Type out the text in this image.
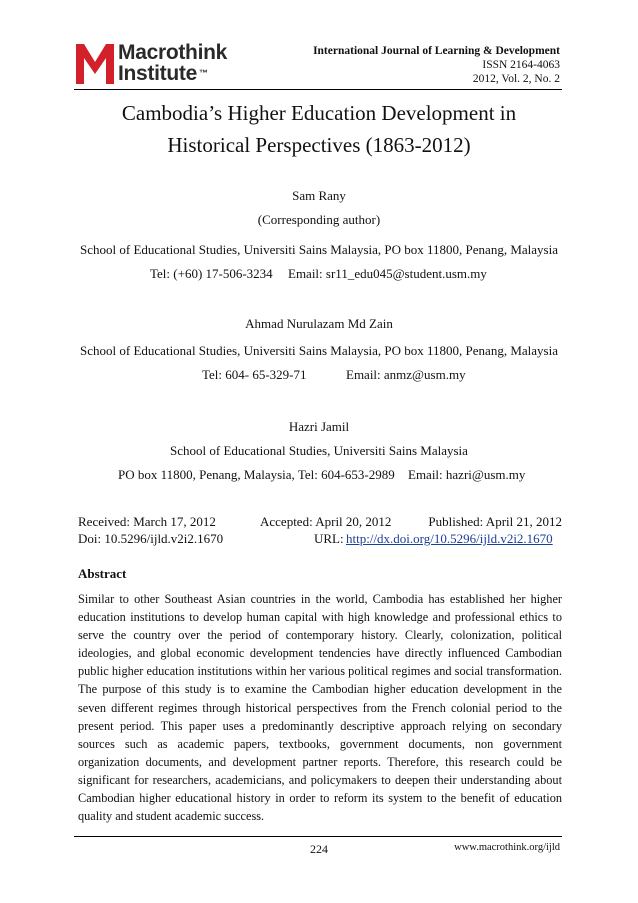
Macrothink
Institute ™
International Journal of Learning & Development
ISSN 2164-4063
2012, Vol. 2, No. 2
Cambodia’s Higher Education Development in
Historical Perspectives (1863-2012)
Sam Rany
(Corresponding author)
School of Educational Studies, Universiti Sains Malaysia, PO box 11800, Penang, Malaysia
Tel: (+60) 17-506-3234 Email: sr11_edu045@student.usm.my
Ahmad Nurulazam Md Zain
School of Educational Studies, Universiti Sains Malaysia, PO box 11800, Penang, Malaysia
Tel: 604- 65-329-71	Email: anmz@usm.my
Hazri Jamil
School of Educational Studies, Universiti Sains Malaysia
PO box 11800, Penang, Malaysia, Tel: 604-653-2989 Email: hazri@usm.my
Received: March 17, 2012	Accepted: April 20, 2012	Published: April 21, 2012
Doi: 10.5296/ijld.v2i2.1670	URL: http://dx.doi.org/10.5296/ijld.v2i2.1670
Abstract
Similar to other Southeast Asian countries in the world, Cambodia has established her higher education institutions to develop human capital with high knowledge and professional ethics to serve the country over the period of contemporary history. Clearly, colonization, political ideologies, and global economic development tendencies have directly influenced Cambodian public higher education institutions within her various political regimes and social transformation. The purpose of this study is to examine the Cambodian higher education development in the seven different regimes through historical perspectives from the French colonial period to the present period. This paper uses a predominantly descriptive approach relying on secondary sources such as academic papers, textbooks, government documents, non government organization documents, and development partner reports. Therefore, this research could be significant for researchers, academicians, and policymakers to deepen their understanding about Cambodian higher educational history in order to reform its system to the benefit of education quality and student academic success.
224	www.macrothink.org/ijld
